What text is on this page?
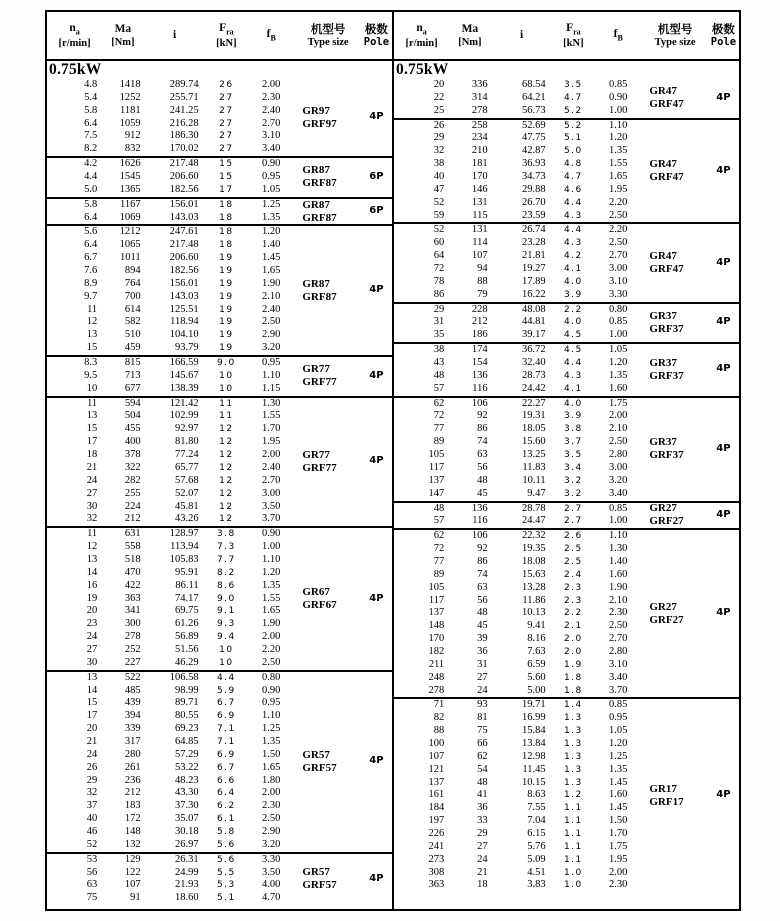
$n_a$
[r/min]
Ma
[Nm]
i
$F_{ra}$
[kN]
$f_B$
机型号
Type size
极数
Pole
0.75kW
4.8	1418	289.74	26	2.00
5.4	1252	255.71	27	2.30
5.8	1181	241.25	27	2.40
6.4	1059	216.28	27	2.70
7.5	912	186.30	27	3.10
8.2	832	170.02	27	3.40
GR97
GRF97
4P
4.2	1626	217.48	15	0.90
4.4	1545	206.60	15	0.95
5.0	1365	182.56	17	1.05
GR87
GRF87
6P
5.8	1167	156.01	18	1.25
6.4	1069	143.03	18	1.35
GR87
GRF87
6P
5.6	1212	247.61	18	1.20
6.4	1065	217.48	18	1.40
6.7	1011	206.60	19	1.45
7.6	894	182.56	19	1.65
8.9	764	156.01	19	1.90
9.7	700	143.03	19	2.10
11	614	125.51	19	2.40
12	582	118.94	19	2.50
13	510	104.10	19	2.90
15	459	93.79	19	3.20
GR87
GRF87
4P
8.3	815	166.59	9.0	0.95
9.5	713	145.67	10	1.10
10	677	138.39	10	1.15
GR77
GRF77
4P
11	594	121.42	11	1.30
13	504	102.99	11	1.55
15	455	92.97	12	1.70
17	400	81.80	12	1.95
18	378	77.24	12	2.00
21	322	65.77	12	2.40
24	282	57.68	12	2.70
27	255	52.07	12	3.00
30	224	45.81	12	3.50
32	212	43.26	12	3.70
GR77
GRF77
4P
11	631	128.97	3.8	0.90
12	558	113.94	7.3	1.00
13	518	105.83	7.7	1.10
14	470	95.91	8.2	1.20
16	422	86.11	8.6	1.35
19	363	74.17	9.0	1.55
20	341	69.75	9.1	1.65
23	300	61.26	9.3	1.90
24	278	56.89	9.4	2.00
27	252	51.56	10	2.20
30	227	46.29	10	2.50
GR67
GRF67
4P
13	522	106.58	4.4	0.80
14	485	98.99	5.9	0.90
15	439	89.71	6.7	0.95
17	394	80.55	6.9	1.10
20	339	69.23	7.1	1.25
21	317	64.85	7.1	1.35
24	280	57.29	6.9	1.50
26	261	53.22	6.7	1.65
29	236	48.23	6.6	1.80
32	212	43.30	6.4	2.00
37	183	37.30	6.2	2.30
40	172	35.07	6.1	2.50
46	148	30.18	5.8	2.90
52	132	26.97	5.6	3.20
GR57
GRF57
4P
53	129	26.31	5.6	3.30
56	122	24.99	5.5	3.50
63	107	21.93	5.3	4.00
75	91	18.60	5.1	4.70
GR57
GRF57
4P
$n_a$
[r/min]
Ma
[Nm]
i
$F_{ra}$
[kN]
$f_B$
机型号
Type size
极数
Pole
0.75kW
20	336	68.54	3.5	0.85
22	314	64.21	4.7	0.90
25	278	56.73	5.2	1.00
GR47
GRF47
4P
26	258	52.69	5.2	1.10
29	234	47.75	5.1	1.20
32	210	42.87	5.0	1.35
38	181	36.93	4.8	1.55
40	170	34.73	4.7	1.65
47	146	29.88	4.6	1.95
52	131	26.70	4.4	2.20
59	115	23.59	4.3	2.50
GR47
GRF47
4P
52	131	26.74	4.4	2.20
60	114	23.28	4.3	2.50
64	107	21.81	4.2	2.70
72	94	19.27	4.1	3.00
78	88	17.89	4.0	3.10
86	79	16.22	3.9	3.30
GR47
GRF47
4P
29	228	48.08	2.2	0.80
31	212	44.81	4.0	0.85
35	186	39.17	4.5	1.00
GR37
GRF37
4P
38	174	36.72	4.5	1.05
43	154	32.40	4.4	1.20
48	136	28.73	4.3	1.35
57	116	24.42	4.1	1.60
GR37
GRF37
4P
62	106	22.27	4.0	1.75
72	92	19.31	3.9	2.00
77	86	18.05	3.8	2.10
89	74	15.60	3.7	2.50
105	63	13.25	3.5	2.80
117	56	11.83	3.4	3.00
137	48	10.11	3.2	3.20
147	45	9.47	3.2	3.40
GR37
GRF37
4P
48	136	28.78	2.7	0.85
57	116	24.47	2.7	1.00
GR27
GRF27
4P
62	106	22.32	2.6	1.10
72	92	19.35	2.5	1.30
77	86	18.08	2.5	1.40
89	74	15.63	2.4	1.60
105	63	13.28	2.3	1.90
117	56	11.86	2.3	2.10
137	48	10.13	2.2	2.30
148	45	9.41	2.1	2.50
170	39	8.16	2.0	2.70
182	36	7.63	2.0	2.80
211	31	6.59	1.9	3.10
248	27	5.60	1.8	3.40
278	24	5.00	1.8	3.70
GR27
GRF27
4P
71	93	19.71	1.4	0.85
82	81	16.99	1.3	0.95
88	75	15.84	1.3	1.05
100	66	13.84	1.3	1.20
107	62	12.98	1.3	1.25
121	54	11.45	1.3	1.35
137	48	10.15	1.3	1.45
161	41	8.63	1.2	1.60
184	36	7.55	1.1	1.45
197	33	7.04	1.1	1.50
226	29	6.15	1.1	1.70
241	27	5.76	1.1	1.75
273	24	5.09	1.1	1.95
308	21	4.51	1.0	2.00
363	18	3.83	1.0	2.30
GR17
GRF17
4P
